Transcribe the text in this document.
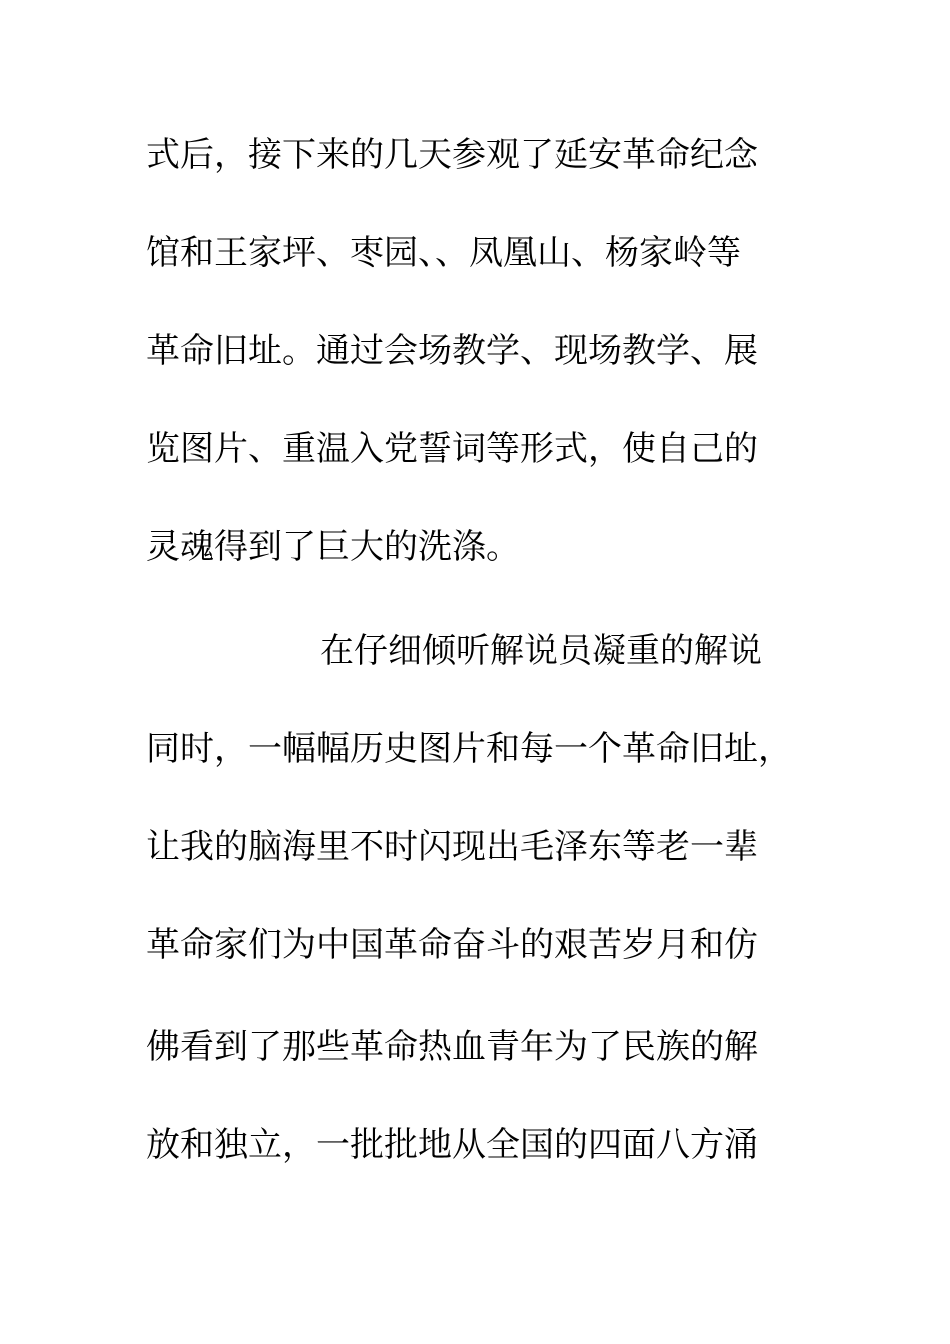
式后，接下来的几天参观了延安革命纪念
馆和王家坪、枣园、、凤凰山、杨家岭等
革命旧址。通过会场教学、现场教学、展
览图片、重温入党誓词等形式，使自己的
灵魂得到了巨大的洗涤。
在仔细倾听解说员凝重的解说
同时，一幅幅历史图片和每一个革命旧址，
让我的脑海里不时闪现出毛泽东等老一辈
革命家们为中国革命奋斗的艰苦岁月和仿
佛看到了那些革命热血青年为了民族的解
放和独立，一批批地从全国的四面八方涌
